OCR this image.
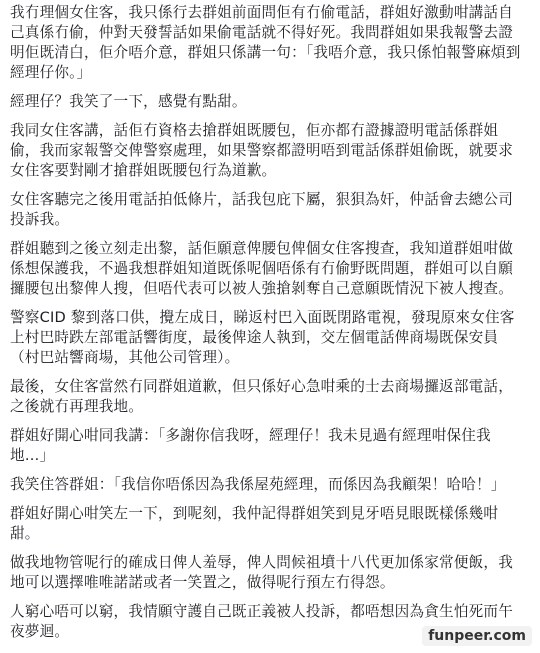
我冇理個女住客，我只係行去群姐前面問佢有冇偷電話，群姐好激動咁講話自己真係冇偷，仲對天發誓話如果偷電話就不得好死。我問群姐如果我報警去證明佢既清白，佢介唔介意，群姐只係講一句：「我唔介意，我只係怕報警麻煩到經理仔你。」

經理仔？我笑了一下，感覺有點甜。

我同女住客講，話佢冇資格去搶群姐既腰包，佢亦都冇證據證明電話係群姐偷，我而家報警交俾警察處理，如果警察都證明唔到電話係群姐偷既，就要求女住客要對剛才搶群姐既腰包行為道歉。

女住客聽完之後用電話拍低條片，話我包庇下屬，狠狽為奸，仲話會去總公司投訴我。

群姐聽到之後立刻走出黎，話佢願意俾腰包俾個女住客搜查，我知道群姐咁做係想保護我，不過我想群姐知道既係呢個唔係有冇偷野既問題，群姐可以自願攞腰包出黎俾人搜，但唔代表可以被人強搶剝奪自己意願既情況下被人搜查。

警察CID 黎到落口供，攪左成日，睇返村巴入面既閉路電視，發現原來女住客上村巴時跌左部電話響街度，最後俾途人執到，交左個電話俾商場既保安員（村巴站響商場，其他公司管理）。

最後，女住客當然冇同群姐道歉，但只係好心急咁乘的士去商場攞返部電話，之後就冇再理我地。

群姐好開心咁同我講：「多謝你信我呀，經理仔！我未見過有經理咁保住我地…」

我笑住答群姐：「我信你唔係因為我係屋苑經理，而係因為我顧架！哈哈！」

群姐好開心咁笑左一下，到呢刻，我仲記得群姐笑到見牙唔見眼既樣係幾咁甜。

做我地物管呢行的確成日俾人羞辱，俾人問候祖墳十八代更加係家常便飯，我地可以選擇唯唯諾諾或者一笑置之，做得呢行預左冇得怨。

人窮心唔可以窮，我情願守護自己既正義被人投訴，都唔想因為貪生怕死而午夜夢迴。	funpeer.com
